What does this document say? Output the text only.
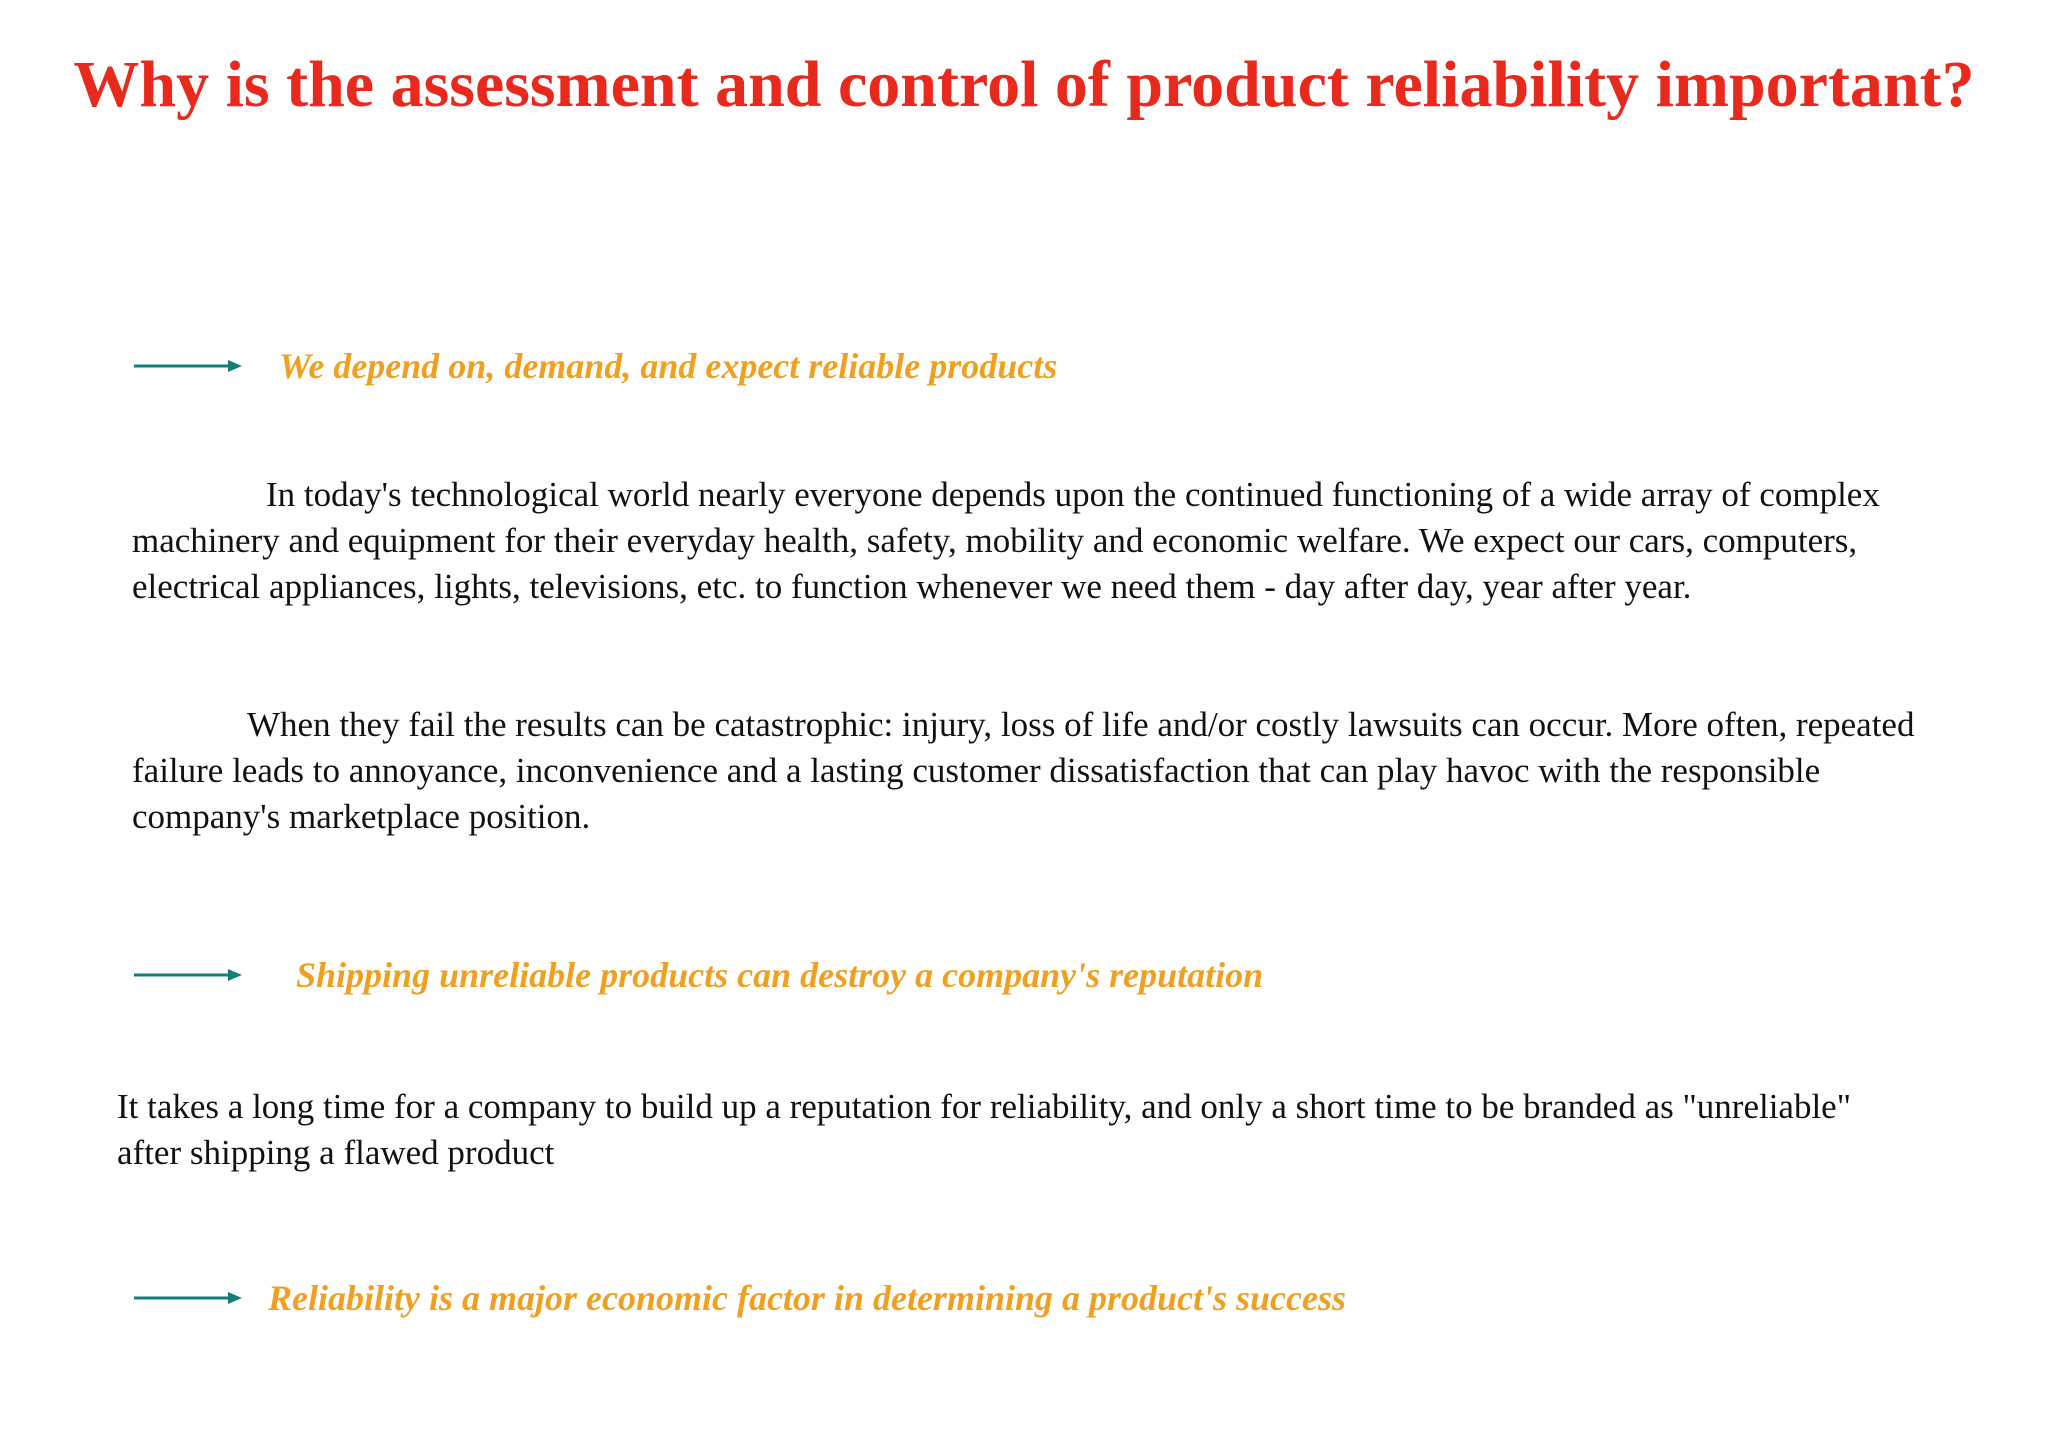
Why is the assessment and control of product reliability important?
We depend on, demand, and expect reliable products

In today's technological world nearly everyone depends upon the continued functioning of a wide array of complex machinery and equipment for their everyday health, safety, mobility and economic welfare. We expect our cars, computers, electrical appliances, lights, televisions, etc. to function whenever we need them - day after day, year after year.

When they fail the results can be catastrophic: injury, loss of life and/or costly lawsuits can occur. More often, repeated failure leads to annoyance, inconvenience and a lasting customer dissatisfaction that can play havoc with the responsible company's marketplace position.

Shipping unreliable products can destroy a company's reputation

It takes a long time for a company to build up a reputation for reliability, and only a short time to be branded as "unreliable" after shipping a flawed product

Reliability is a major economic factor in determining a product's success
